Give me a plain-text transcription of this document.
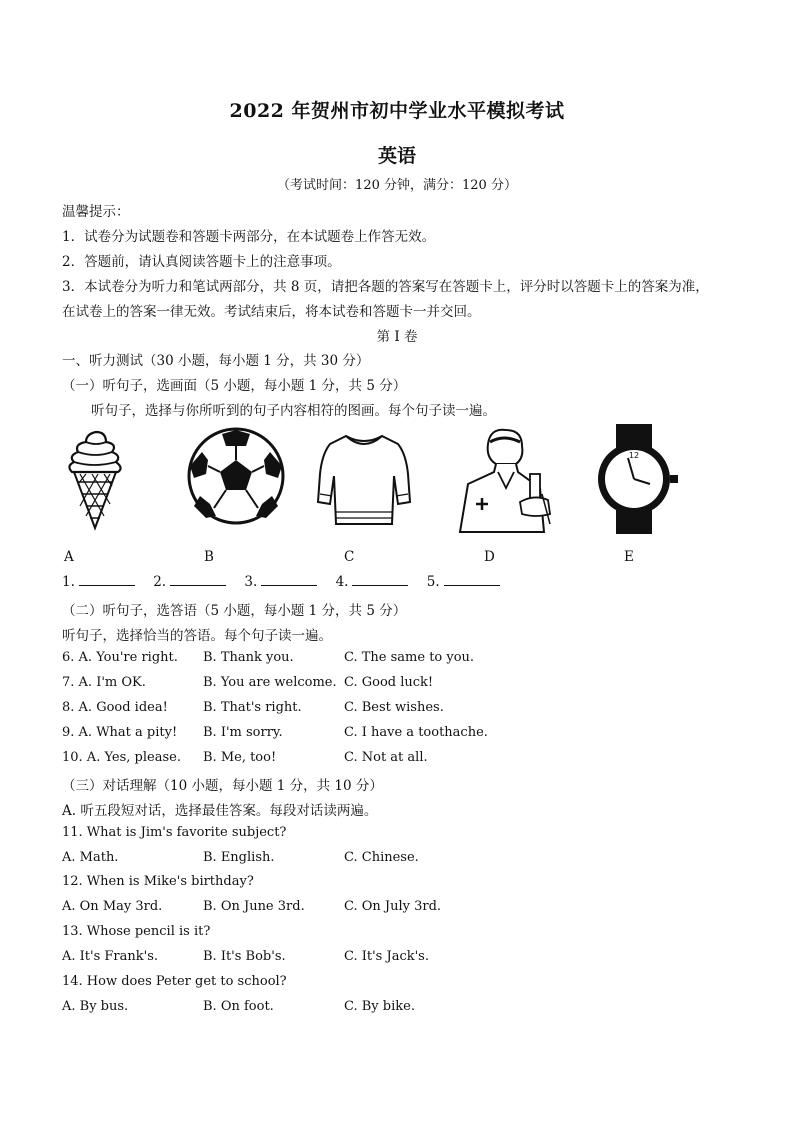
2022 年贺州市初中学业水平模拟考试
英语
（考试时间：120 分钟，满分：120 分）
温馨提示：
1．试卷分为试题卷和答题卡两部分，在本试题卷上作答无效。
2．答题前，请认真阅读答题卡上的注意事项。
3．本试卷分为听力和笔试两部分，共 8 页，请把各题的答案写在答题卡上，评分时以答题卡上的答案为准，
在试卷上的答案一律无效。考试结束后，将本试卷和答题卡一并交回。
第 I 卷
一、听力测试（30 小题，每小题 1 分，共 30 分）
（一）听句子，选画面（5 小题，每小题 1 分，共 5 分）
听句子，选择与你所听到的句子内容相符的图画。每个句子读一遍。
12
A	B	C	D	E
1.	2.	3.	4.	5.
（二）听句子，选答语（5 小题，每小题 1 分，共 5 分）
听句子，选择恰当的答语。每个句子读一遍。
6. A. You're right. B. Thank you.	C. The same to you.
7. A. I'm OK.	B. You are welcome. C. Good luck!
8. A. Good idea!	B. That's right.	C. Best wishes.
9. A. What a pity! B. I'm sorry.	C. I have a toothache.
10. A. Yes, please. B. Me, too!	C. Not at all.
（三）对话理解（10 小题，每小题 1 分，共 10 分）
A. 听五段短对话，选择最佳答案。每段对话读两遍。
11. What is Jim's favorite subject?
A. Math.	B. English.	C. Chinese.
12. When is Mike's birthday?
A. On May 3rd.	B. On June 3rd.	C. On July 3rd.
13. Whose pencil is it?
A. It's Frank's.	B. It's Bob's.	C. It's Jack's.
14. How does Peter get to school?
A. By bus.	B. On foot.	C. By bike.
